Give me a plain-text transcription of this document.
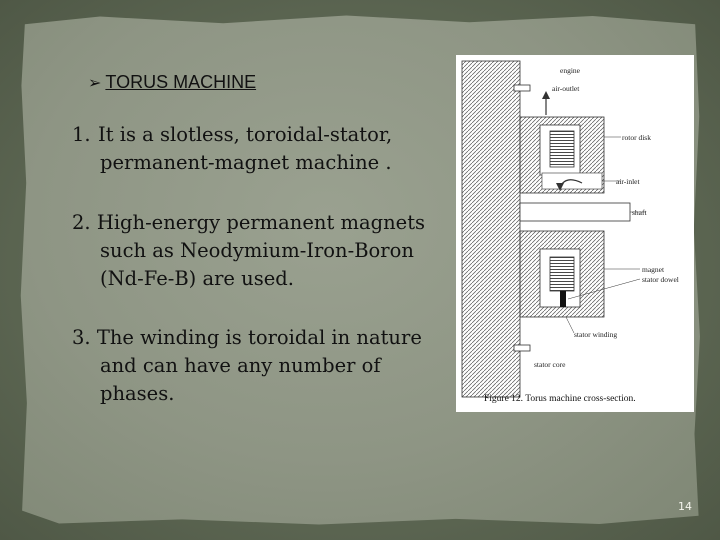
➢ TORUS MACHINE
1. It is a slotless, toroidal-stator,
permanent-magnet machine .
2. High-energy permanent magnets
such as Neodymium-Iron-Boron
(Nd-Fe-B) are used.
3. The winding is toroidal in nature
and can have any number of
phases.
engine
air-outlet
rotor disk
air-inlet
shaft
magnet
stator dowel
stator winding
stator core
Figure 12. Torus machine cross-section.
14
